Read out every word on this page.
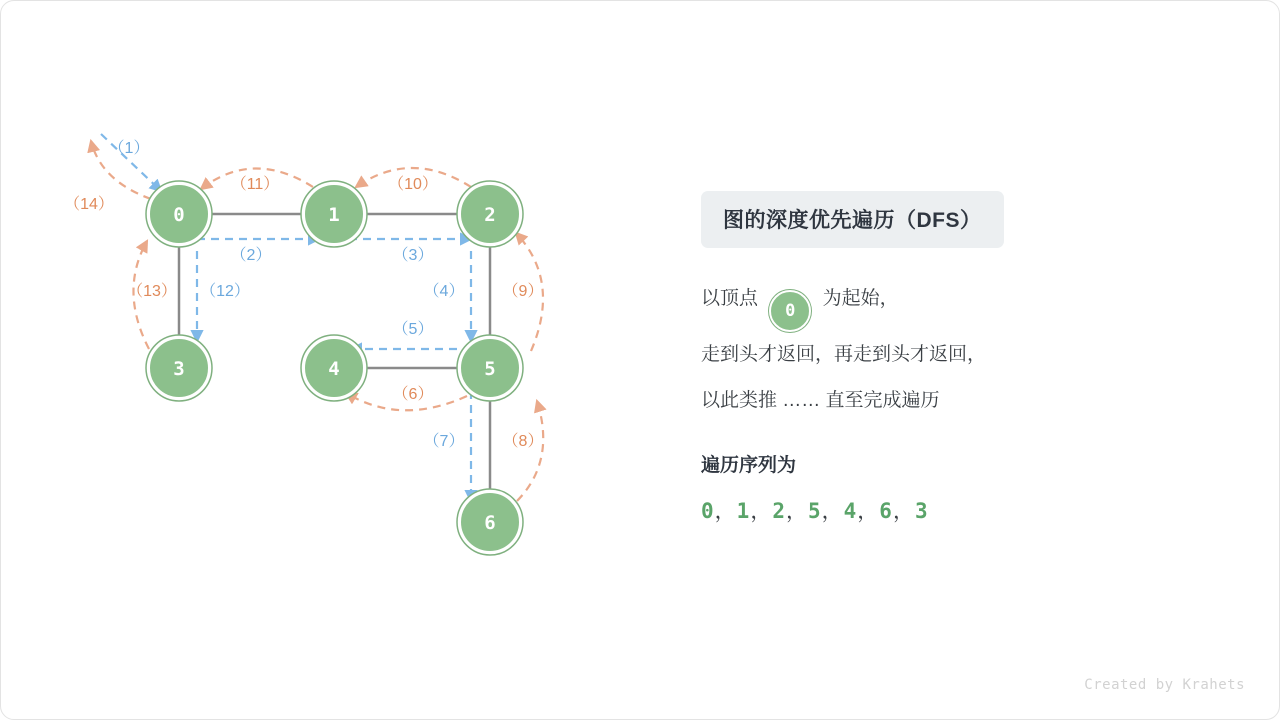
0	1	2
3	4	5
6
（1）
（2）	（3）
（4）
（5）
（6）
（7） （8）
（9）
（10）
（11）
（12）
（13）
（14）
图的深度优先遍历（DFS）
以顶点 0 为起始，
走到头才返回，再走到头才返回，
以此类推 …… 直至完成遍历
遍历序列为
0，1，2，5，4，6，3
Created by Krahets
